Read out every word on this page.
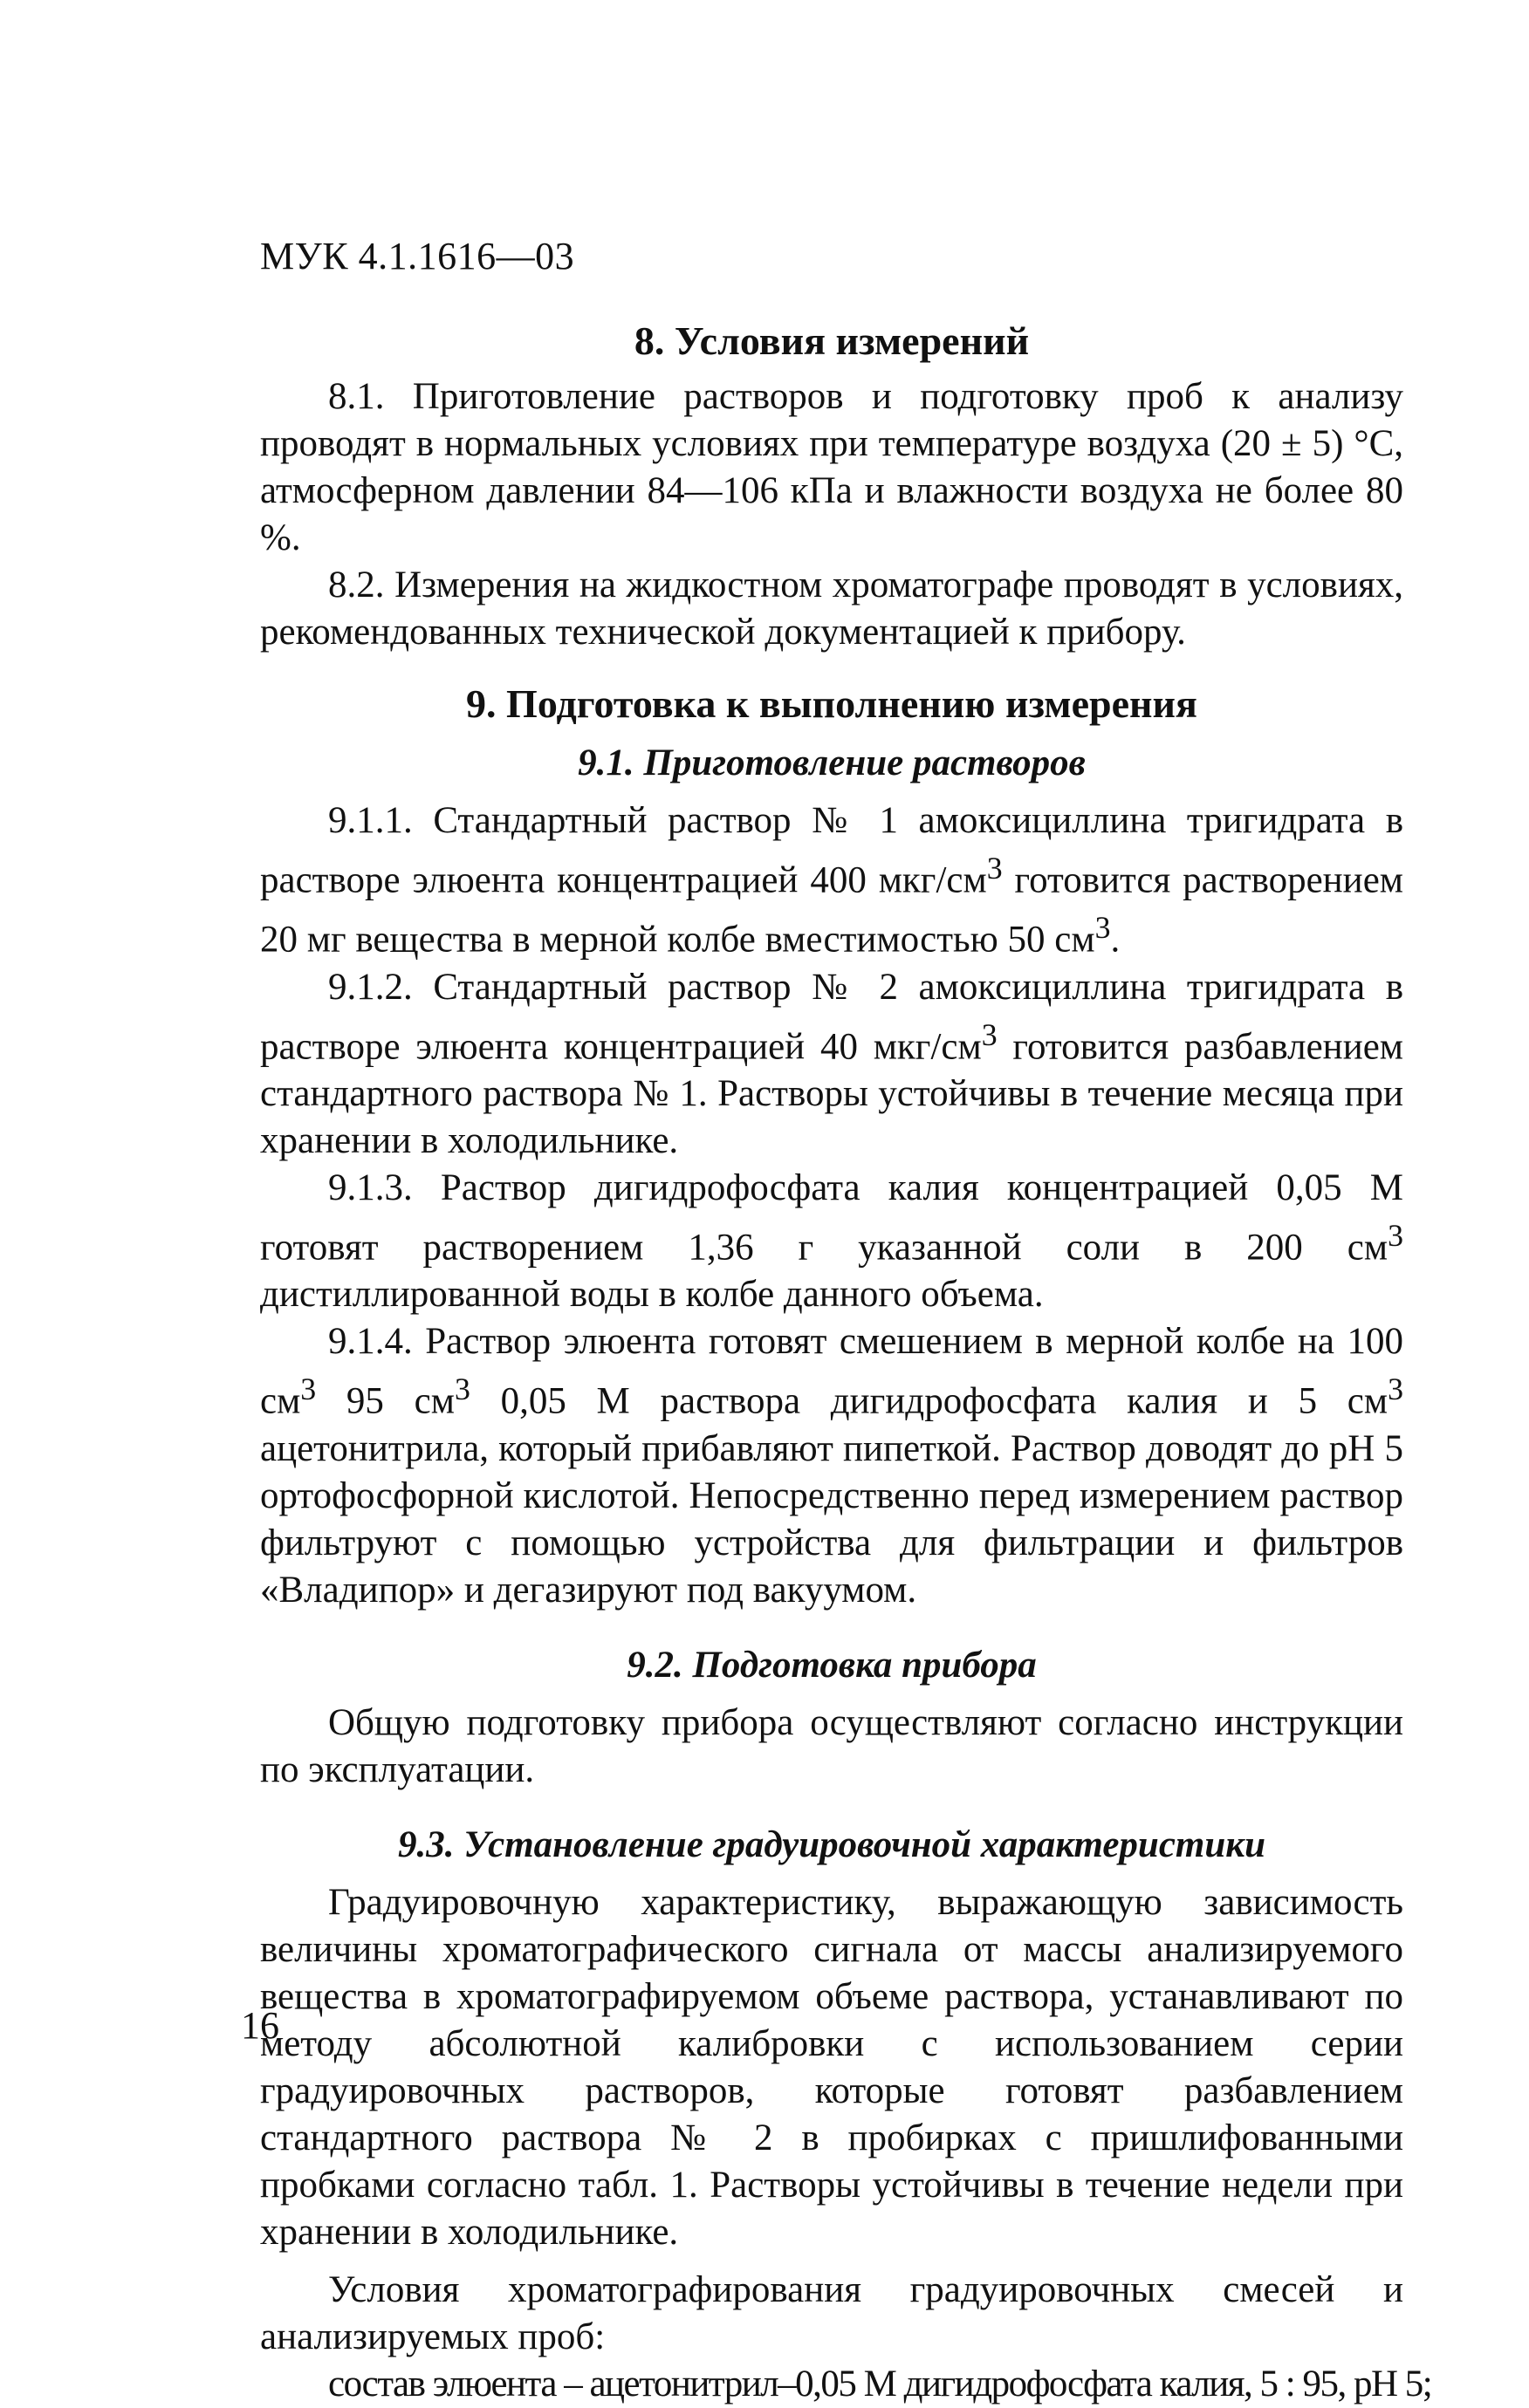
МУК 4.1.1616—03
8. Условия измерений

8.1. Приготовление растворов и подготовку проб к анализу проводят в нормальных условиях при температуре воздуха (20 ± 5) °С, атмосферном давлении 84—106 кПа и влажности воздуха не более 80 %.

8.2. Измерения на жидкостном хроматографе проводят в условиях, рекомендованных технической документацией к прибору.

9. Подготовка к выполнению измерения
9.1. Приготовление растворов

9.1.1. Стандартный раствор № 1 амоксициллина тригидрата в растворе элюента концентрацией 400 мкг/$см^3$ готовится растворением 20 мг вещества в мерной колбе вместимостью 50 $см^3$.

9.1.2. Стандартный раствор № 2 амоксициллина тригидрата в растворе элюента концентрацией 40 мкг/$см^3$ готовится разбавлением стандартного раствора № 1. Растворы устойчивы в течение месяца при хранении в холодильнике.

9.1.3. Раствор дигидрофосфата калия концентрацией 0,05 М готовят растворением 1,36 г указанной соли в 200 $см^3$ дистиллированной воды в колбе данного объема.

9.1.4. Раствор элюента готовят смешением в мерной колбе на 100 $см^3$ 95 $см^3$ 0,05 М раствора дигидрофосфата калия и 5 $см^3$ ацетонитрила, который прибавляют пипеткой. Раствор доводят до рН 5 ортофосфорной кислотой. Непосредственно перед измерением раствор фильтруют с помощью устройства для фильтрации и фильтров «Владипор» и дегазируют под вакуумом.

9.2. Подготовка прибора

Общую подготовку прибора осуществляют согласно инструкции по эксплуатации.

9.3. Установление градуировочной характеристики

Градуировочную характеристику, выражающую зависимость величины хроматографического сигнала от массы анализируемого вещества в хроматографируемом объеме раствора, устанавливают по методу абсолютной калибровки с использованием серии градуировочных растворов, которые готовят разбавлением стандартного раствора № 2 в пробирках с пришлифованными пробками согласно табл. 1. Растворы устойчивы в течение недели при хранении в холодильнике.

Условия хроматографирования градуировочных смесей и анализируемых проб:

состав элюента – ацетонитрил–0,05 М дигидрофосфата калия, 5 : 95, рН 5;

16
